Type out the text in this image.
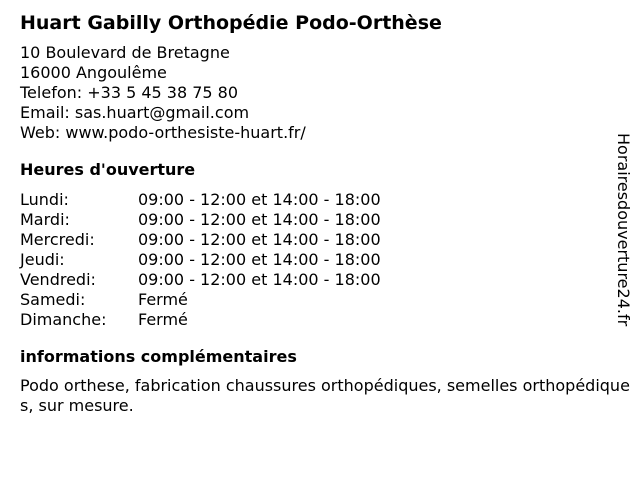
Huart Gabilly Orthopédie Podo-Orthèse
10 Boulevard de Bretagne
16000 Angoulême
Telefon: +33 5 45 38 75 80
Email: sas.huart@gmail.com
Web: www.podo-orthesiste-huart.fr/
Heures d'ouverture
Lundi:	09:00 - 12:00 et 14:00 - 18:00
Mardi:	09:00 - 12:00 et 14:00 - 18:00
Mercredi:	09:00 - 12:00 et 14:00 - 18:00
Jeudi:	09:00 - 12:00 et 14:00 - 18:00
Vendredi:	09:00 - 12:00 et 14:00 - 18:00
Samedi:	Fermé
Dimanche:	Fermé
informations complémentaires
Podo orthese, fabrication chaussures orthopédiques, semelles orthopédiques, sur mesure.
Horairesdouverture24.fr
